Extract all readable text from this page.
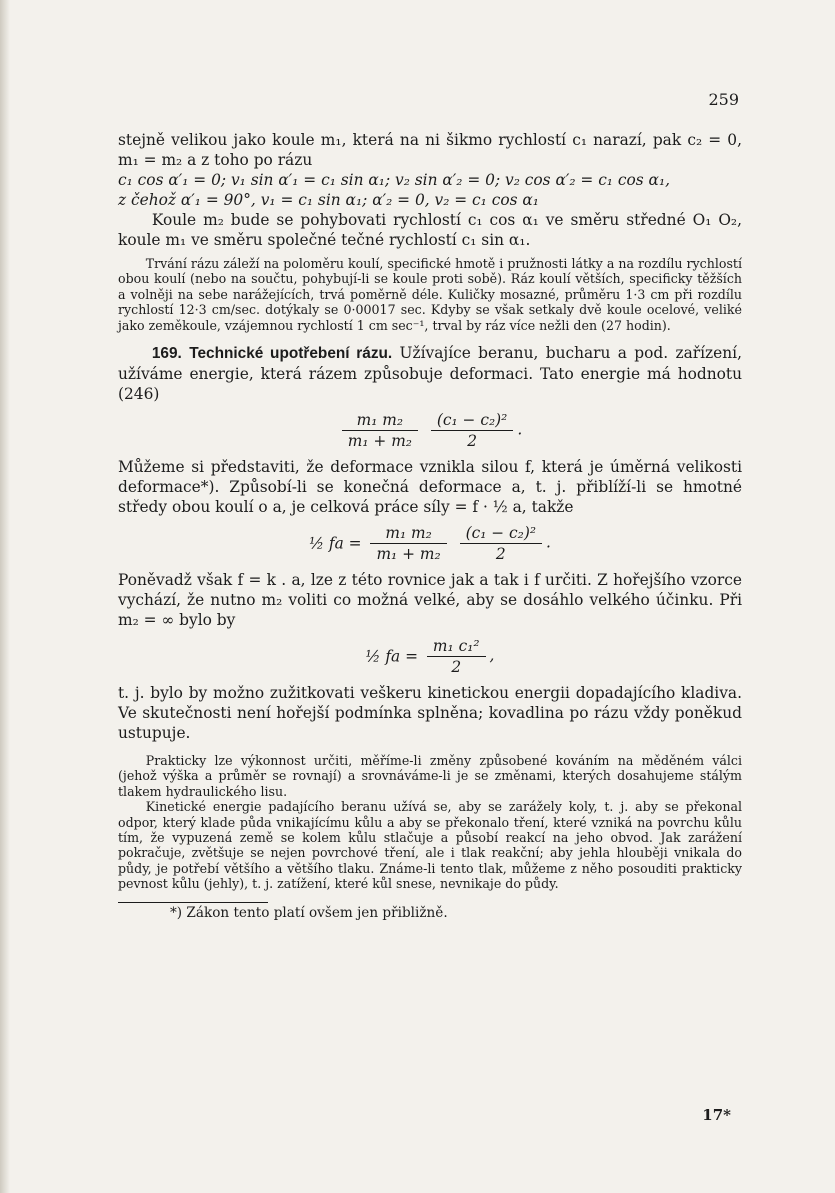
259

stejně velikou jako koule m₁, která na ni šikmo rychlostí c₁ narazí, pak c₂ = 0, m₁ = m₂ a z toho po rázu

c₁ cos α′₁ = 0; v₁ sin α′₁ = c₁ sin α₁; v₂ sin α′₂ = 0; v₂ cos α′₂ = c₁ cos α₁,

z čehož α′₁ = 90°, v₁ = c₁ sin α₁; α′₂ = 0, v₂ = c₁ cos α₁

Koule m₂ bude se pohybovati rychlostí c₁ cos α₁ ve směru středné O₁ O₂, koule m₁ ve směru společné tečné rychlostí c₁ sin α₁.

Trvání rázu záleží na poloměru koulí, specifické hmotě i pružnosti látky a na rozdílu rychlostí obou koulí (nebo na součtu, pohybují-li se koule proti sobě). Ráz koulí větších, specificky těžších a volněji na sebe narážejících, trvá poměrně déle. Kuličky mosazné, průměru 1·3 cm při rozdílu rychlostí 12·3 cm/sec. dotýkaly se 0·00017 sec. Kdyby se však setkaly dvě koule ocelové, veliké jako zeměkoule, vzájemnou rychlostí 1 cm sec⁻¹, trval by ráz více nežli den (27 hodin).

169. Technické upotřebení rázu. Užívajíce beranu, bucharu a pod. zařízení, užíváme energie, která rázem způsobuje deformaci. Tato energie má hodnotu (246)

$\frac{\text{m₁ m₂}}{\text{m₁ + m₂}}$
$\frac{\text{(c₁ − c₂)²}}{2}$ .

Můžeme si představiti, že deformace vznikla silou f, která je úměrná velikosti deformace*). Způsobí-li se konečná deformace a, t. j. přiblíží-li se hmotné středy obou koulí o a, je celková práce síly = f · ½ a, takže

½ fa = $\frac{\text{m₁ m₂}}{\text{m₁ + m₂}}$
$\frac{\text{(c₁ − c₂)²}}{2}$ .

Poněvadž však f = k . a, lze z této rovnice jak a tak i f určiti. Z hořejšího vzorce vychází, že nutno m₂ voliti co možná velké, aby se dosáhlo velkého účinku. Při m₂ = ∞ bylo by

½ fa = $\frac{\text{m₁ c₁²}}{2}$ ,

t. j. bylo by možno zužitkovati veškeru kinetickou energii dopadajícího kladiva. Ve skutečnosti není hořejší podmínka splněna; kovadlina po rázu vždy poněkud ustupuje.

Prakticky lze výkonnost určiti, měříme-li změny způsobené kováním na měděném válci (jehož výška a průměr se rovnají) a srovnáváme-li je se změnami, kterých dosahujeme stálým tlakem hydraulického lisu.

Kinetické energie padajícího beranu užívá se, aby se zarážely koly, t. j. aby se překonal odpor, který klade půda vnikajícímu kůlu a aby se překonalo tření, které vzniká na povrchu kůlu tím, že vypuzená země se kolem kůlu stlačuje a působí reakcí na jeho obvod. Jak zarážení pokračuje, zvětšuje se nejen povrchové tření, ale i tlak reakční; aby jehla hlouběji vnikala do půdy, je potřebí většího a většího tlaku. Známe-li tento tlak, můžeme z něho posouditi prakticky pevnost kůlu (jehly), t. j. zatížení, které kůl snese, nevnikaje do půdy.

*) Zákon tento platí ovšem jen přibližně.

17*
